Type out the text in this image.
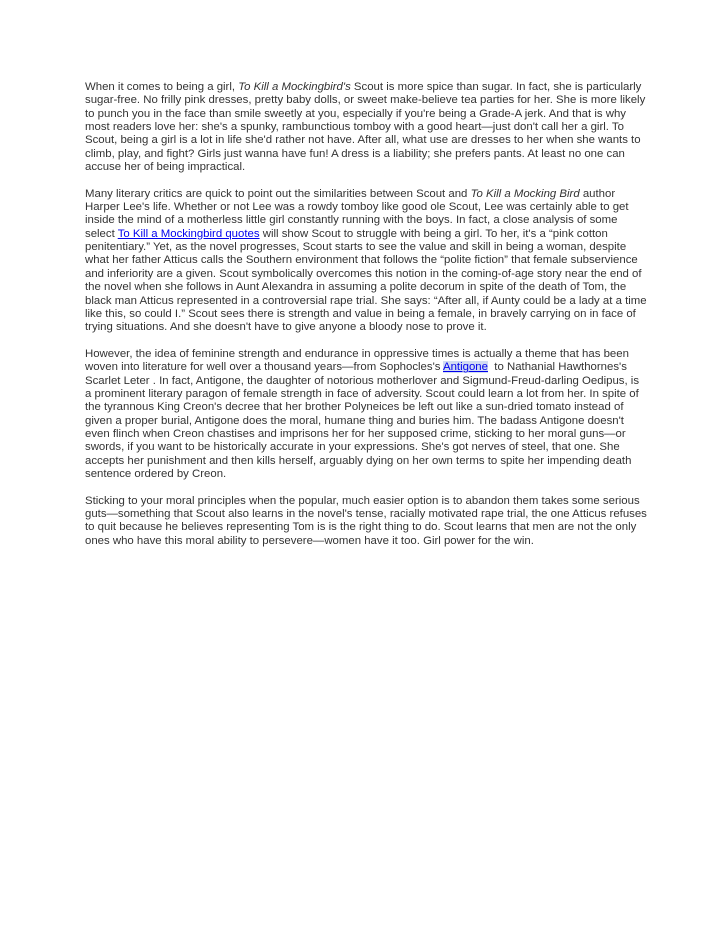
When it comes to being a girl, To Kill a Mockingbird's Scout is more spice than sugar. In fact, she is particularly sugar-free. No frilly pink dresses, pretty baby dolls, or sweet make-believe tea parties for her. She is more likely to punch you in the face than smile sweetly at you, especially if you're being a Grade-A jerk. And that is why most readers love her: she's a spunky, rambunctious tomboy with a good heart—just don't call her a girl. To Scout, being a girl is a lot in life she'd rather not have. After all, what use are dresses to her when she wants to climb, play, and fight? Girls just wanna have fun! A dress is a liability; she prefers pants. At least no one can accuse her of being impractical.

Many literary critics are quick to point out the similarities between Scout and To Kill a Mocking Bird author Harper Lee's life. Whether or not Lee was a rowdy tomboy like good ole Scout, Lee was certainly able to get inside the mind of a motherless little girl constantly running with the boys. In fact, a close analysis of some select To Kill a Mockingbird quotes will show Scout to struggle with being a girl. To her, it's a “pink cotton penitentiary.” Yet, as the novel progresses, Scout starts to see the value and skill in being a woman, despite what her father Atticus calls the Southern environment that follows the “polite fiction” that female subservience and inferiority are a given. Scout symbolically overcomes this notion in the coming-of-age story near the end of the novel when she follows in Aunt Alexandra in assuming a polite decorum in spite of the death of Tom, the black man Atticus represented in a controversial rape trial. She says: “After all, if Aunty could be a lady at a time like this, so could I.” Scout sees there is strength and value in being a female, in bravely carrying on in face of trying situations. And she doesn't have to give anyone a bloody nose to prove it.

However, the idea of feminine strength and endurance in oppressive times is actually a theme that has been woven into literature for well over a thousand years—from Sophocles's Antigone  to Nathanial Hawthornes's Scarlet Leter . In fact, Antigone, the daughter of notorious motherlover and Sigmund-Freud-darling Oedipus, is a prominent literary paragon of female strength in face of adversity. Scout could learn a lot from her. In spite of the tyrannous King Creon's decree that her brother Polyneices be left out like a sun-dried tomato instead of given a proper burial, Antigone does the moral, humane thing and buries him. The badass Antigone doesn't even flinch when Creon chastises and imprisons her for her supposed crime, sticking to her moral guns—or swords, if you want to be historically accurate in your expressions. She's got nerves of steel, that one. She accepts her punishment and then kills herself, arguably dying on her own terms to spite her impending death sentence ordered by Creon.

Sticking to your moral principles when the popular, much easier option is to abandon them takes some serious guts—something that Scout also learns in the novel's tense, racially motivated rape trial, the one Atticus refuses to quit because he believes representing Tom is is the right thing to do. Scout learns that men are not the only ones who have this moral ability to persevere—women have it too. Girl power for the win.
